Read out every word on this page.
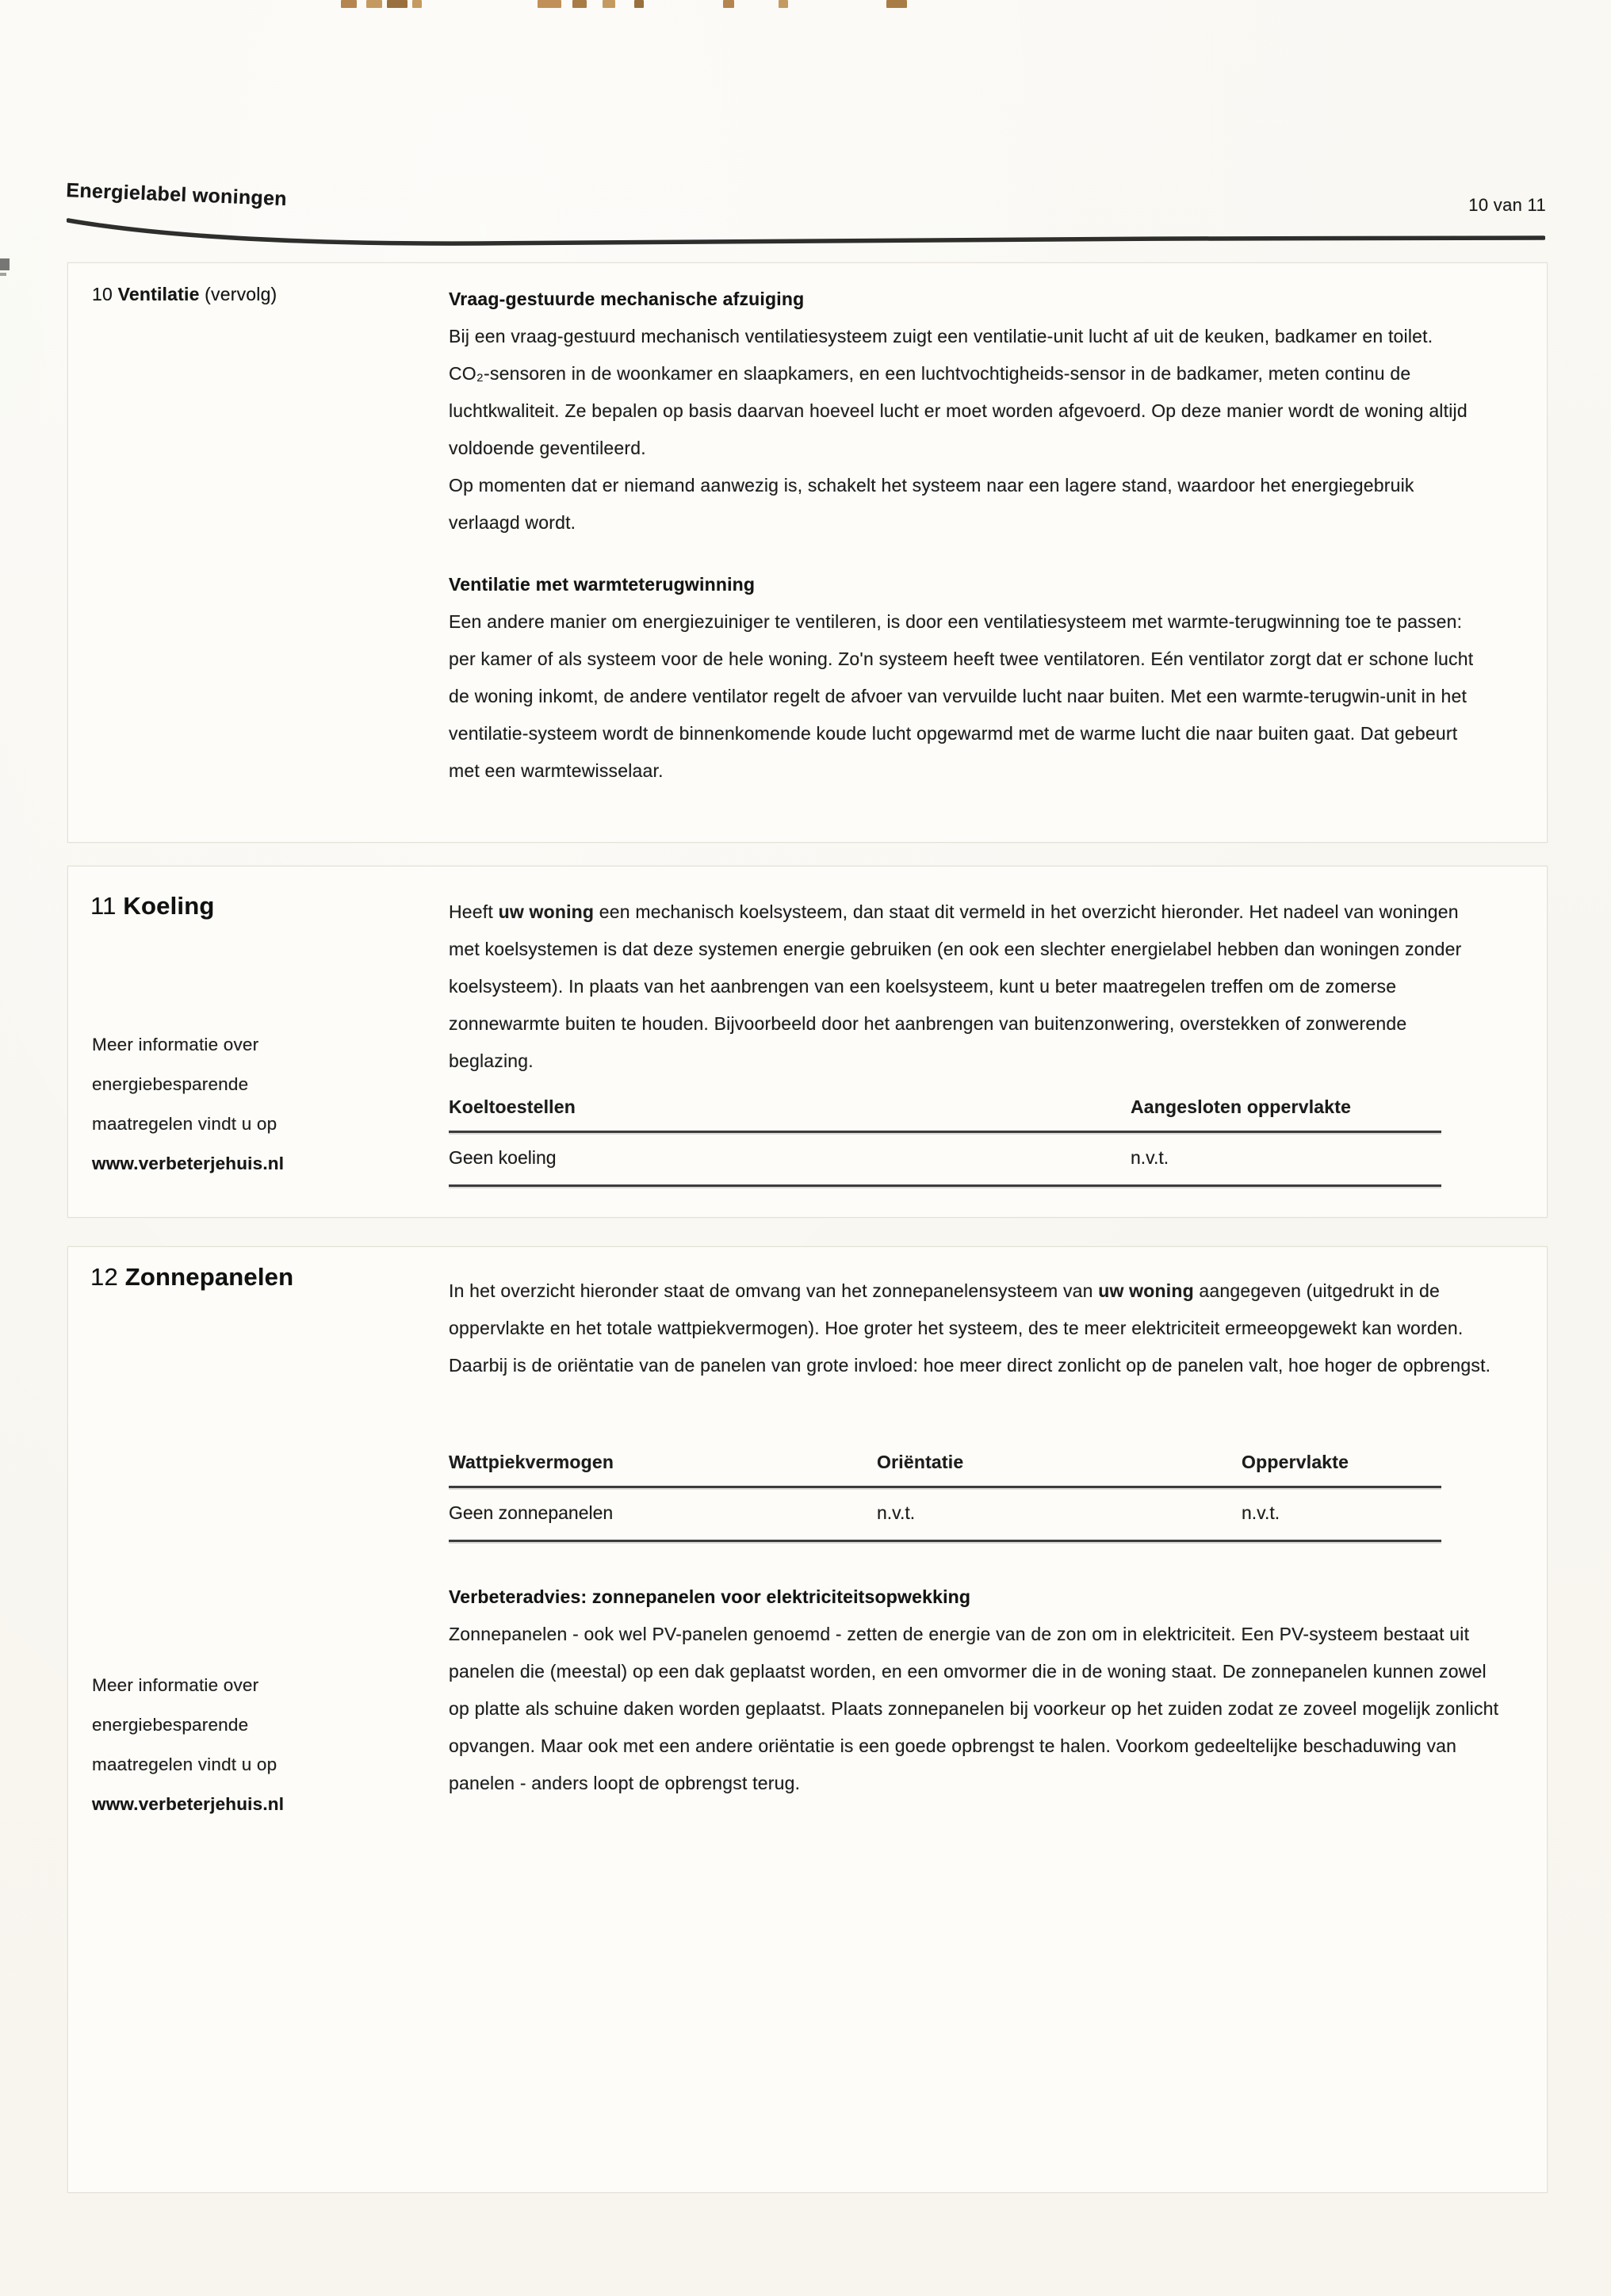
Energielabel woningen	10 van 11
10 Ventilatie (vervolg)	Vraag-gestuurde mechanische afzuiging

Bij een vraag-gestuurd mechanisch ventilatiesysteem zuigt een ventilatie-unit lucht af uit de keuken, badkamer en toilet. CO₂-sensoren in de woonkamer en slaapkamers, en een luchtvochtigheids-sensor in de badkamer, meten continu de luchtkwaliteit. Ze bepalen op basis daarvan hoeveel lucht er moet worden afgevoerd. Op deze manier wordt de woning altijd voldoende geventileerd.

Op momenten dat er niemand aanwezig is, schakelt het systeem naar een lagere stand, waardoor het energiegebruik verlaagd wordt.

Ventilatie met warmteterugwinning

Een andere manier om energiezuiniger te ventileren, is door een ventilatiesysteem met warmte-terugwinning toe te passen: per kamer of als systeem voor de hele woning. Zo'n systeem heeft twee ventilatoren. Eén ventilator zorgt dat er schone lucht de woning inkomt, de andere ventilator regelt de afvoer van vervuilde lucht naar buiten. Met een warmte-terugwin-unit in het ventilatie-systeem wordt de binnenkomende koude lucht opgewarmd met de warme lucht die naar buiten gaat. Dat gebeurt met een warmtewisselaar.

11 Koeling
Meer informatie over
energiebesparende
maatregelen vindt u op
www.verbeterjehuis.nl

Heeft uw woning een mechanisch koelsysteem, dan staat dit vermeld in het overzicht hieronder. Het nadeel van woningen met koelsystemen is dat deze systemen energie gebruiken (en ook een slechter energielabel hebben dan woningen zonder koelsysteem). In plaats van het aanbrengen van een koelsysteem, kunt u beter maatregelen treffen om de zomerse zonnewarmte buiten te houden. Bijvoorbeeld door het aanbrengen van buitenzonwering, overstekken of zonwerende beglazing.

Koeltoestellen	Aangesloten oppervlakte
Geen koeling	n.v.t.
12 Zonnepanelen	In het overzicht hieronder staat de omvang van het zonnepanelensysteem van uw woning aangegeven (uitgedrukt in de oppervlakte en het totale wattpiekvermogen). Hoe groter het systeem, des te meer elektriciteit ermeeopgewekt kan worden. Daarbij is de oriëntatie van de panelen van grote invloed: hoe meer direct zonlicht op de panelen valt, hoe hoger de opbrengst.

Wattpiekvermogen	Oriëntatie	Oppervlakte
Geen zonnepanelen	n.v.t.	n.v.t.
Verbeteradvies: zonnepanelen voor elektriciteitsopwekking

Zonnepanelen - ook wel PV-panelen genoemd - zetten de energie van de zon om in elektriciteit. Een PV-systeem bestaat uit panelen die (meestal) op een dak geplaatst worden, en een omvormer die in de woning staat. De zonnepanelen kunnen zowel op platte als schuine daken worden geplaatst. Plaats zonnepanelen bij voorkeur op het zuiden zodat ze zoveel mogelijk zonlicht opvangen. Maar ook met een andere oriëntatie is een goede opbrengst te halen. Voorkom gedeeltelijke beschaduwing van panelen - anders loopt de opbrengst terug.

Meer informatie over
energiebesparende
maatregelen vindt u op
www.verbeterjehuis.nl
